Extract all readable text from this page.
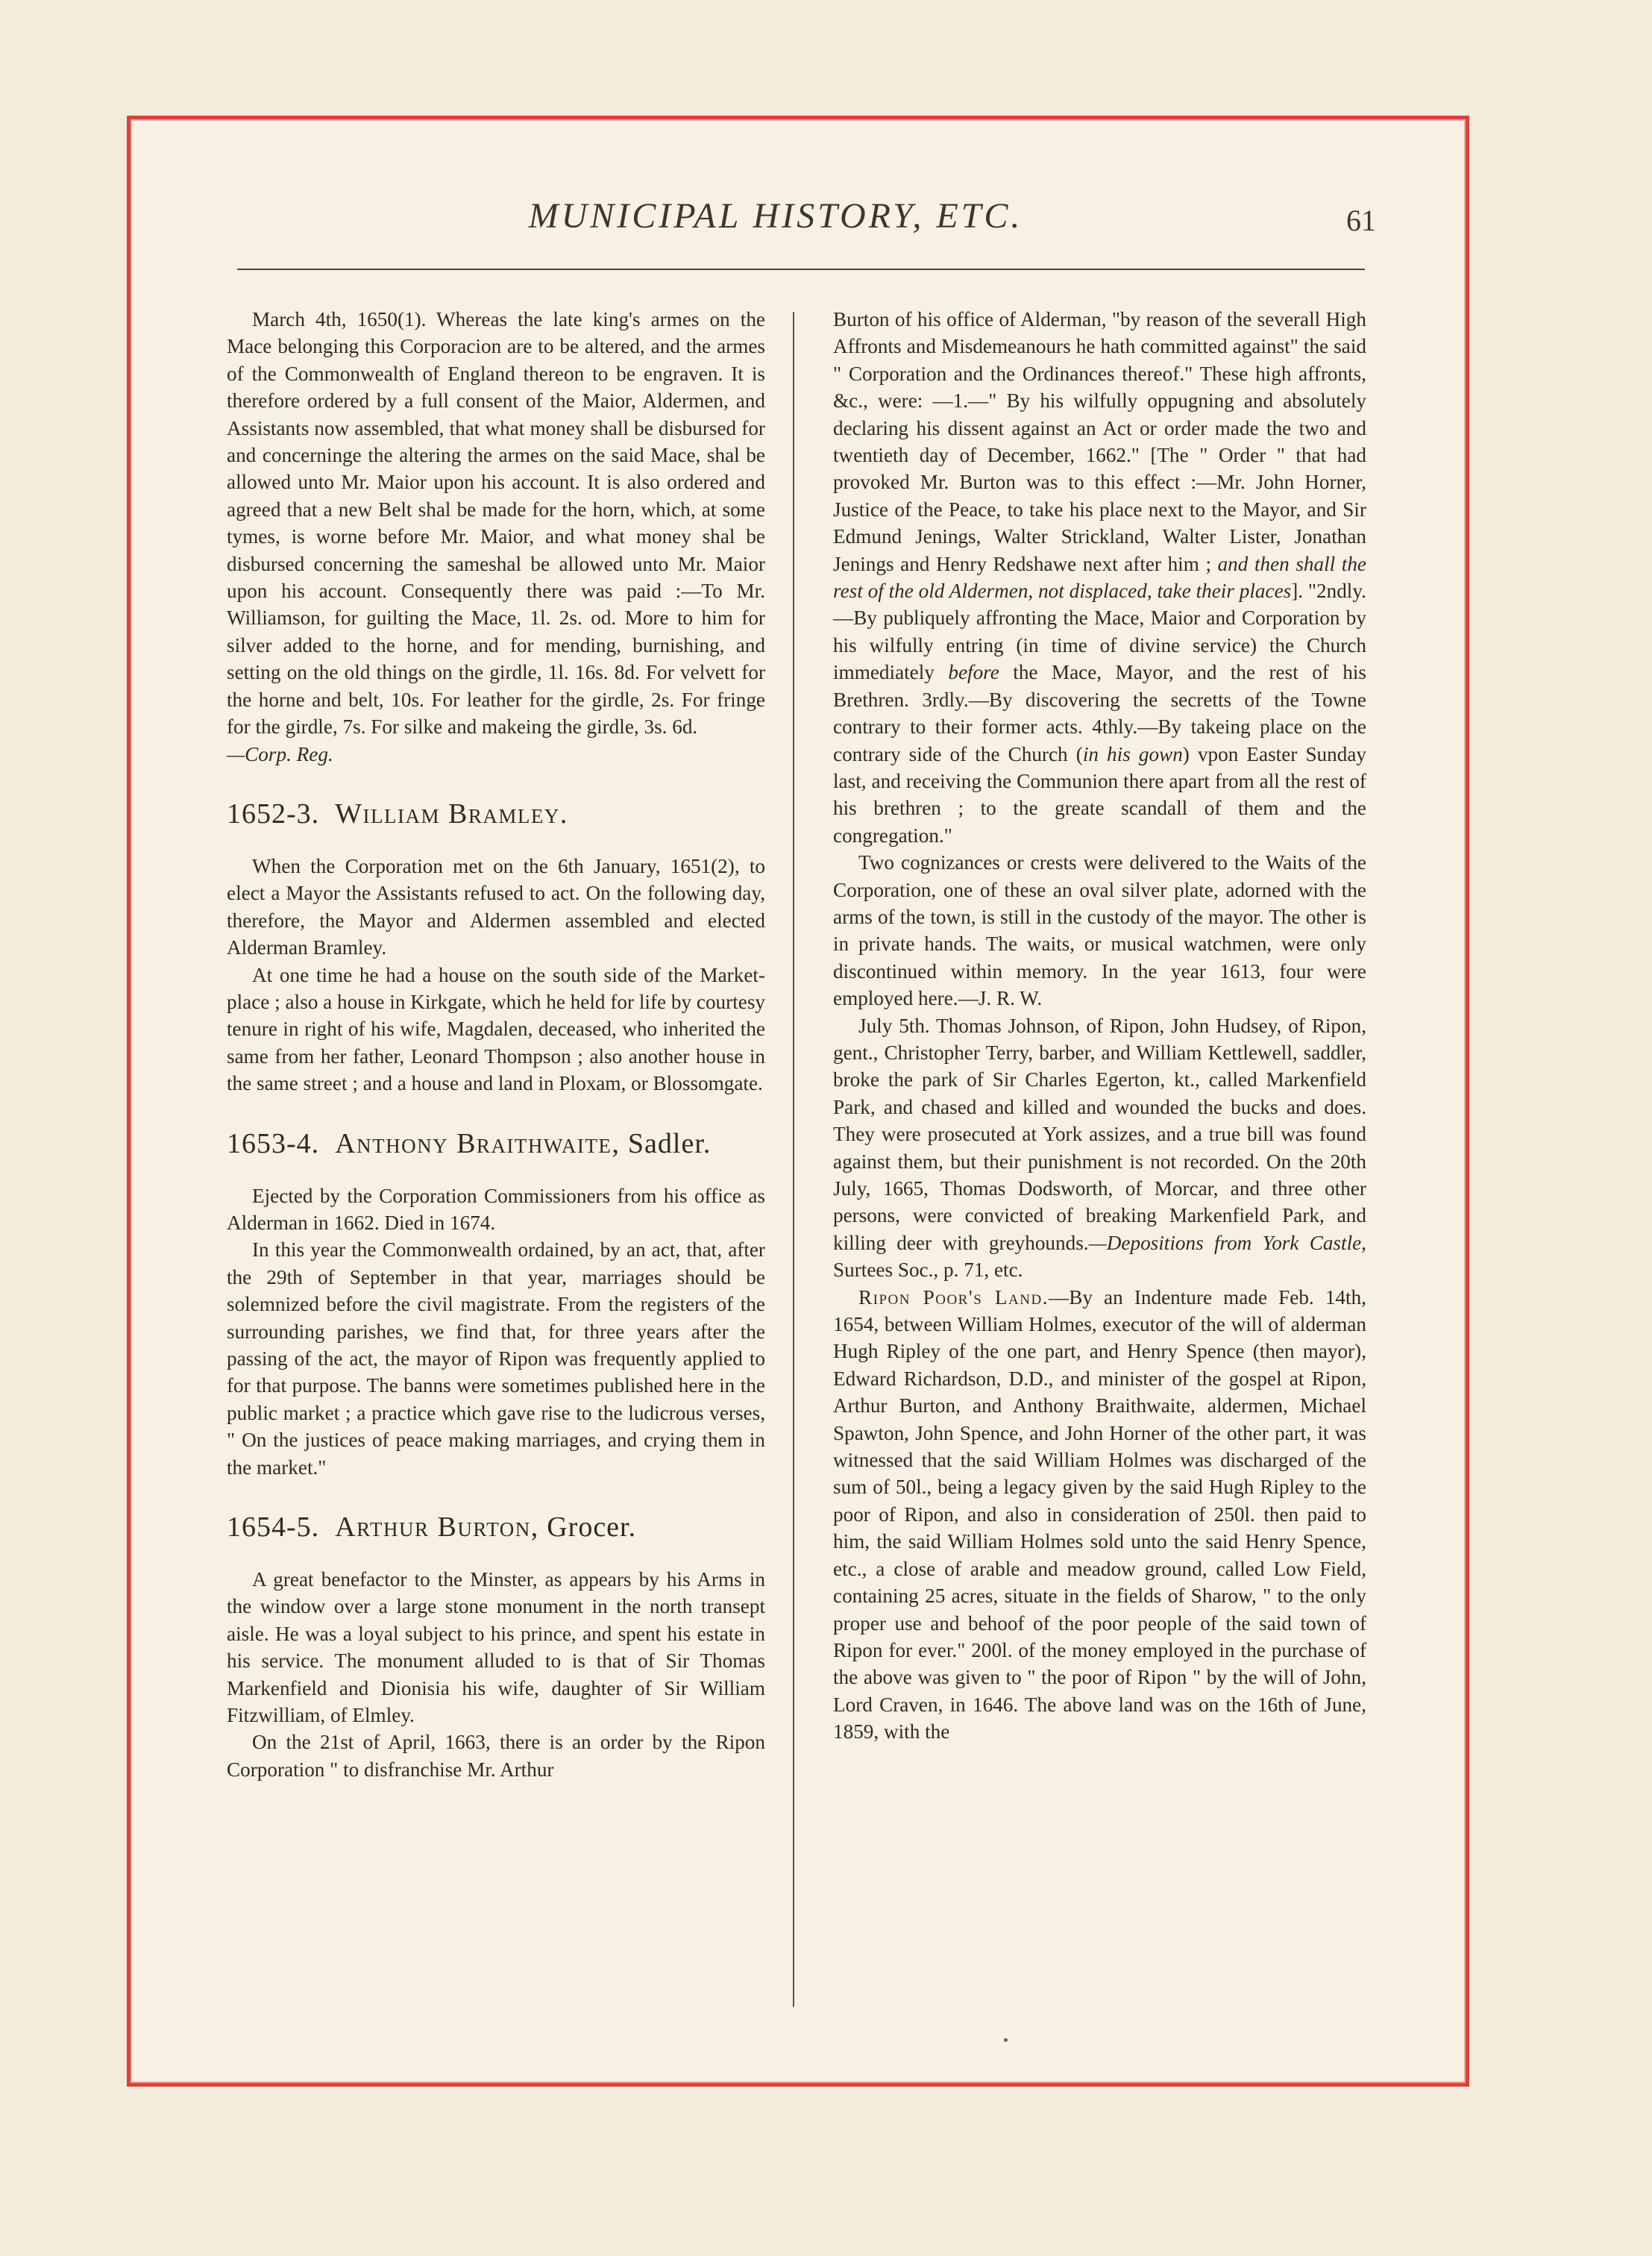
MUNICIPAL HISTORY, ETC.	61

March 4th, 1650(1). Whereas the late king's armes on the Mace belonging this Corporacion are to be altered, and the armes of the Commonwealth of England thereon to be engraven. It is therefore ordered by a full consent of the Maior, Aldermen, and Assistants now assembled, that what money shall be disbursed for and concerninge the altering the armes on the said Mace, shal be allowed unto Mr. Maior upon his account. It is also ordered and agreed that a new Belt shal be made for the horn, which, at some tymes, is worne before Mr. Maior, and what money shal be disbursed concerning the sameshal be allowed unto Mr. Maior upon his account. Consequently there was paid :—To Mr. Williamson, for guilting the Mace, 1l. 2s. od. More to him for silver added to the horne, and for mending, burnishing, and setting on the old things on the girdle, 1l. 16s. 8d. For velvett for the horne and belt, 10s. For leather for the girdle, 2s. For fringe for the girdle, 7s. For silke and makeing the girdle, 3s. 6d.

—Corp. Reg.

1652-3. William Bramley.

When the Corporation met on the 6th January, 1651(2), to elect a Mayor the Assistants refused to act. On the following day, therefore, the Mayor and Aldermen assembled and elected Alderman Bramley.

At one time he had a house on the south side of the Market-place ; also a house in Kirkgate, which he held for life by courtesy tenure in right of his wife, Magdalen, deceased, who inherited the same from her father, Leonard Thompson ; also another house in the same street ; and a house and land in Ploxam, or Blossomgate.

1653-4. Anthony Braithwaite, Sadler.

Ejected by the Corporation Commissioners from his office as Alderman in 1662. Died in 1674.

In this year the Commonwealth ordained, by an act, that, after the 29th of September in that year, marriages should be solemnized before the civil magistrate. From the registers of the surrounding parishes, we find that, for three years after the passing of the act, the mayor of Ripon was frequently applied to for that purpose. The banns were sometimes published here in the public market ; a practice which gave rise to the ludicrous verses, " On the justices of peace making marriages, and crying them in the market."

1654-5. Arthur Burton, Grocer.

A great benefactor to the Minster, as appears by his Arms in the window over a large stone monument in the north transept aisle. He was a loyal subject to his prince, and spent his estate in his service. The monument alluded to is that of Sir Thomas Markenfield and Dionisia his wife, daughter of Sir William Fitzwilliam, of Elmley.

On the 21st of April, 1663, there is an order by the Ripon Corporation " to disfranchise Mr. Arthur

Burton of his office of Alderman, "by reason of the severall High Affronts and Misdemeanours he hath committed against" the said " Corporation and the Ordinances thereof." These high affronts, &c., were: —1.—" By his wilfully oppugning and absolutely declaring his dissent against an Act or order made the two and twentieth day of December, 1662." [The " Order " that had provoked Mr. Burton was to this effect :—Mr. John Horner, Justice of the Peace, to take his place next to the Mayor, and Sir Edmund Jenings, Walter Strickland, Walter Lister, Jonathan Jenings and Henry Redshawe next after him ; and then shall the rest of the old Aldermen, not displaced, take their places]. "2ndly.—By publiquely affronting the Mace, Maior and Corporation by his wilfully entring (in time of divine service) the Church immediately before the Mace, Mayor, and the rest of his Brethren. 3rdly.—By discovering the secretts of the Towne contrary to their former acts. 4thly.—By takeing place on the contrary side of the Church (in his gown) vpon Easter Sunday last, and receiving the Communion there apart from all the rest of his brethren ; to the greate scandall of them and the congregation."

Two cognizances or crests were delivered to the Waits of the Corporation, one of these an oval silver plate, adorned with the arms of the town, is still in the custody of the mayor. The other is in private hands. The waits, or musical watchmen, were only discontinued within memory. In the year 1613, four were employed here.—J. R. W.

July 5th. Thomas Johnson, of Ripon, John Hudsey, of Ripon, gent., Christopher Terry, barber, and William Kettlewell, saddler, broke the park of Sir Charles Egerton, kt., called Markenfield Park, and chased and killed and wounded the bucks and does. They were prosecuted at York assizes, and a true bill was found against them, but their punishment is not recorded. On the 20th July, 1665, Thomas Dodsworth, of Morcar, and three other persons, were convicted of breaking Markenfield Park, and killing deer with greyhounds.—Depositions from York Castle, Surtees Soc., p. 71, etc.

Ripon Poor's Land.—By an Indenture made Feb. 14th, 1654, between William Holmes, executor of the will of alderman Hugh Ripley of the one part, and Henry Spence (then mayor), Edward Richardson, D.D., and minister of the gospel at Ripon, Arthur Burton, and Anthony Braithwaite, aldermen, Michael Spawton, John Spence, and John Horner of the other part, it was witnessed that the said William Holmes was discharged of the sum of 50l., being a legacy given by the said Hugh Ripley to the poor of Ripon, and also in consideration of 250l. then paid to him, the said William Holmes sold unto the said Henry Spence, etc., a close of arable and meadow ground, called Low Field, containing 25 acres, situate in the fields of Sharow, " to the only proper use and behoof of the poor people of the said town of Ripon for ever." 200l. of the money employed in the purchase of the above was given to " the poor of Ripon " by the will of John, Lord Craven, in 1646. The above land was on the 16th of June, 1859, with the
